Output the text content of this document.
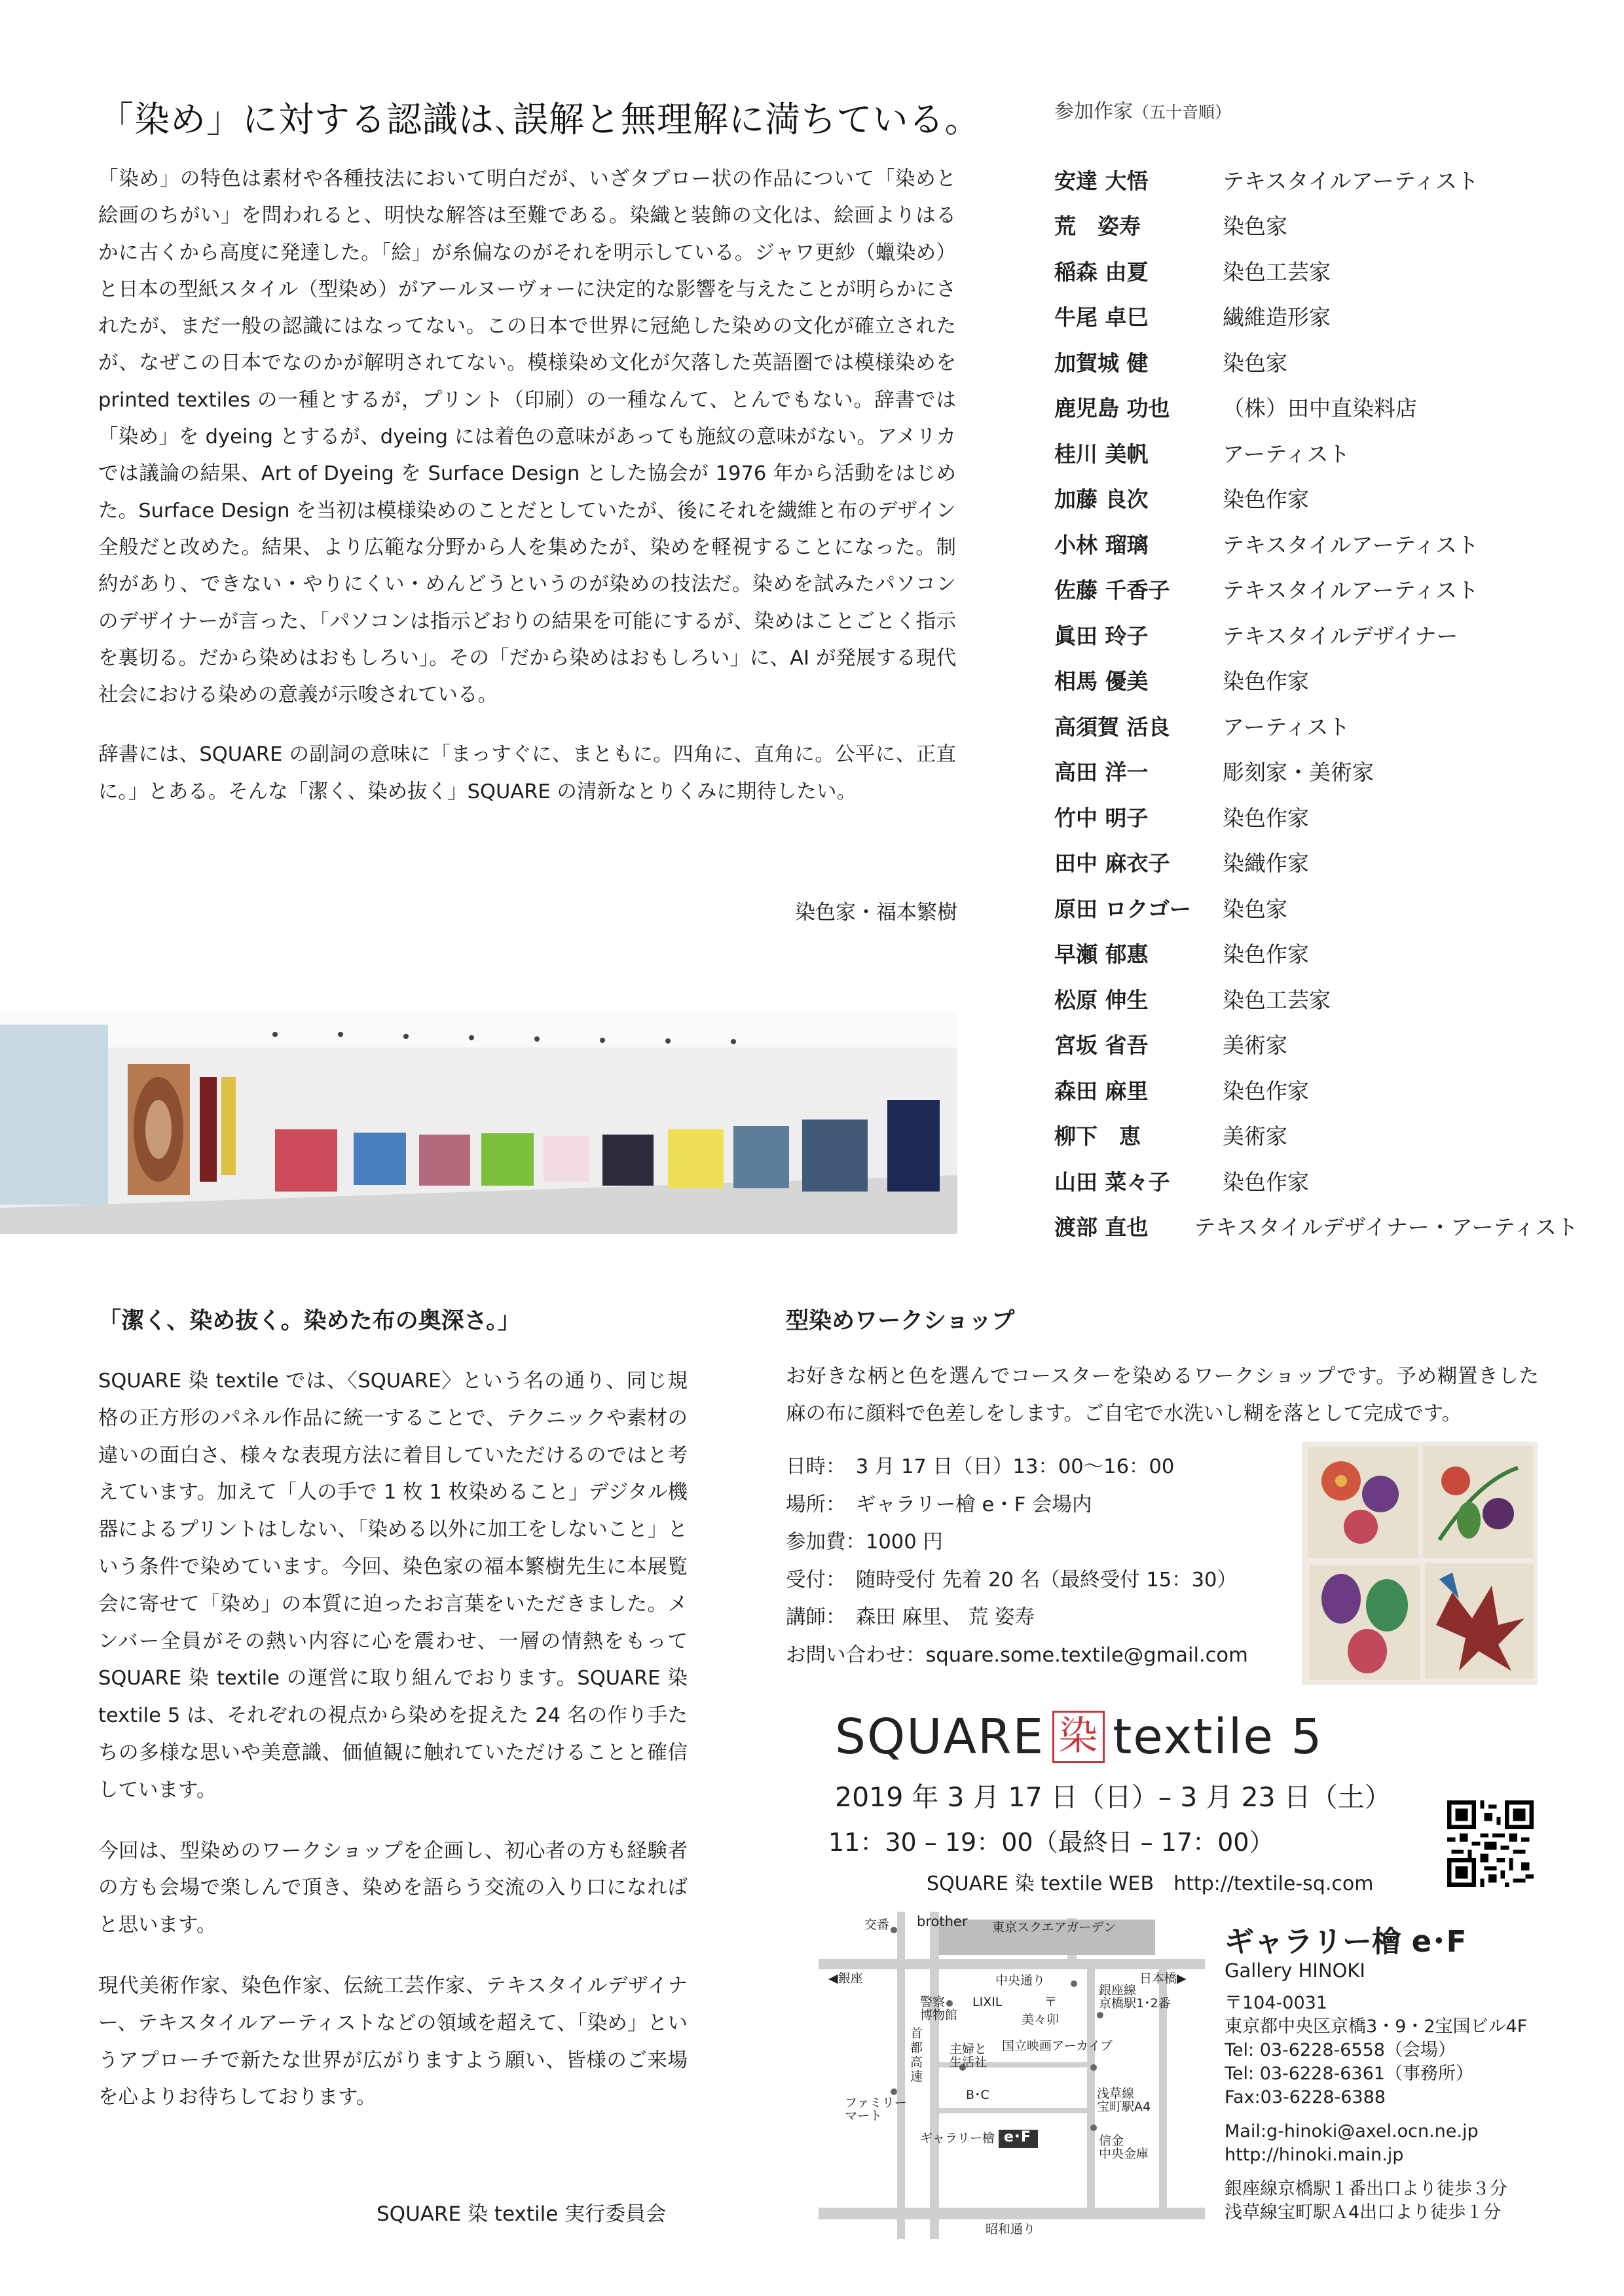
「染め」に対する認識は､誤解と無理解に満ちている｡

「染め」の特色は素材や各種技法において明白だが、いざタブロー状の作品について「染めと絵画のちがい」を問われると、明快な解答は至難である。染織と装飾の文化は、絵画よりはるかに古くから高度に発達した。「絵」が糸偏なのがそれを明示している。ジャワ更紗（蠟染め）と日本の型紙スタイル（型染め）がアールヌーヴォーに決定的な影響を与えたことが明らかにされたが、まだ一般の認識にはなってない。この日本で世界に冠絶した染めの文化が確立されたが、なぜこの日本でなのかが解明されてない。模様染め文化が欠落した英語圏では模様染めを printed textiles の一種とするが，プリント（印刷）の一種なんて、とんでもない。辞書では「染め」を dyeing とするが、dyeing には着色の意味があっても施紋の意味がない。アメリカでは議論の結果、Art of Dyeing を Surface Design とした協会が 1976 年から活動をはじめた。Surface Design を当初は模様染めのことだとしていたが、後にそれを繊維と布のデザイン全般だと改めた。結果、より広範な分野から人を集めたが、染めを軽視することになった。制約があり、できない・やりにくい・めんどうというのが染めの技法だ。染めを試みたパソコンのデザイナーが言った、「パソコンは指示どおりの結果を可能にするが、染めはことごとく指示を裏切る。だから染めはおもしろい」。その「だから染めはおもしろい」に、AI が発展する現代社会における染めの意義が示唆されている。

辞書には、SQUARE の副詞の意味に「まっすぐに、まともに。四角に、直角に。公平に、正直に。」とある。そんな「潔く、染め抜く」SQUARE の清新なとりくみに期待したい。

染色家・福本繁樹
参加作家（五十音順）
安達 大悟	テキスタイルアーティスト
荒　姿寿	染色家
稲森 由夏	染色工芸家
牛尾 卓巳	繊維造形家
加賀城 健	染色家
鹿児島 功也	（株）田中直染料店
桂川 美帆	アーティスト
加藤 良次	染色作家
小林 瑠璃	テキスタイルアーティスト
佐藤 千香子	テキスタイルアーティスト
眞田 玲子	テキスタイルデザイナー
相馬 優美	染色作家
高須賀 活良	アーティスト
高田 洋一	彫刻家・美術家
竹中 明子	染色作家
田中 麻衣子	染織作家
原田 ロクゴー	染色家
早瀬 郁惠	染色作家
松原 伸生	染色工芸家
宮坂 省吾	美術家
森田 麻里	染色作家
柳下　恵	美術家
山田 菜々子	染色作家
渡部 直也	テキスタイルデザイナー・アーティスト
「潔く、染め抜く。染めた布の奥深さ。」

SQUARE 染 textile では、〈SQUARE〉という名の通り、同じ規格の正方形のパネル作品に統一することで、テクニックや素材の違いの面白さ、様々な表現方法に着目していただけるのではと考えています。加えて「人の手で 1 枚 1 枚染めること」デジタル機器によるプリントはしない、「染める以外に加工をしないこと」という条件で染めています。今回、染色家の福本繁樹先生に本展覧会に寄せて「染め」の本質に迫ったお言葉をいただきました。メンバー全員がその熱い内容に心を震わせ、一層の情熱をもって SQUARE 染 textile の運営に取り組んでおります。SQUARE 染 textile 5 は、それぞれの視点から染めを捉えた 24 名の作り手たちの多様な思いや美意識、価値観に触れていただけることと確信しています。

今回は、型染めのワークショップを企画し、初心者の方も経験者の方も会場で楽しんで頂き、染めを語らう交流の入り口になればと思います。

現代美術作家、染色作家、伝統工芸作家、テキスタイルデザイナー、テキスタイルアーティストなどの領域を超えて、「染め」というアプローチで新たな世界が広がりますよう願い、皆様のご来場を心よりお待ちしております。

SQUARE 染 textile 実行委員会
型染めワークショップ
お好きな柄と色を選んでコースターを染めるワークショップです。予め糊置きした麻の布に顔料で色差しをします。ご自宅で水洗いし糊を落として完成です。
日時：　3 月 17 日（日）13：00〜16：00
場所：　ギャラリー檜 e・F 会場内
参加費：1000 円
受付：　随時受付 先着 20 名（最終受付 15：30）
講師：　森田 麻里、 荒 姿寿
お問い合わせ：square.some.textile@gmail.com
SQUARE 染 textile 5
2019 年 3 月 17 日（日）– 3 月 23 日（土）
11：30 – 19：00（最終日 – 17：00）
SQUARE 染 textile WEB　http://textile-sq.com
交番 brother 東京スクエアガーデン
◀銀座	日本橋▶
中央通り
警察
博物館
LIXIL	〒
銀座線
京橋駅1･2番
美々卯
首
都
高
速
主婦と
生活社
国立映画アーカイブ
B･C
ファミリー
マート
浅草線
宝町駅A4
ギャラリー檜 e･F	信金
中央金庫
昭和通り
ギャラリー檜 e･F
Gallery HINOKI
〒104‐0031
東京都中央区京橋3・9・2宝国ビル4F
Tel: 03‐6228‐6558（会場）
Tel: 03‐6228‐6361（事務所）
Fax:03‐6228‐6388
Mail:g-hinoki@axel.ocn.ne.jp
http://hinoki.main.jp
銀座線京橋駅１番出口より徒歩３分
浅草線宝町駅Ａ4出口より徒歩１分
